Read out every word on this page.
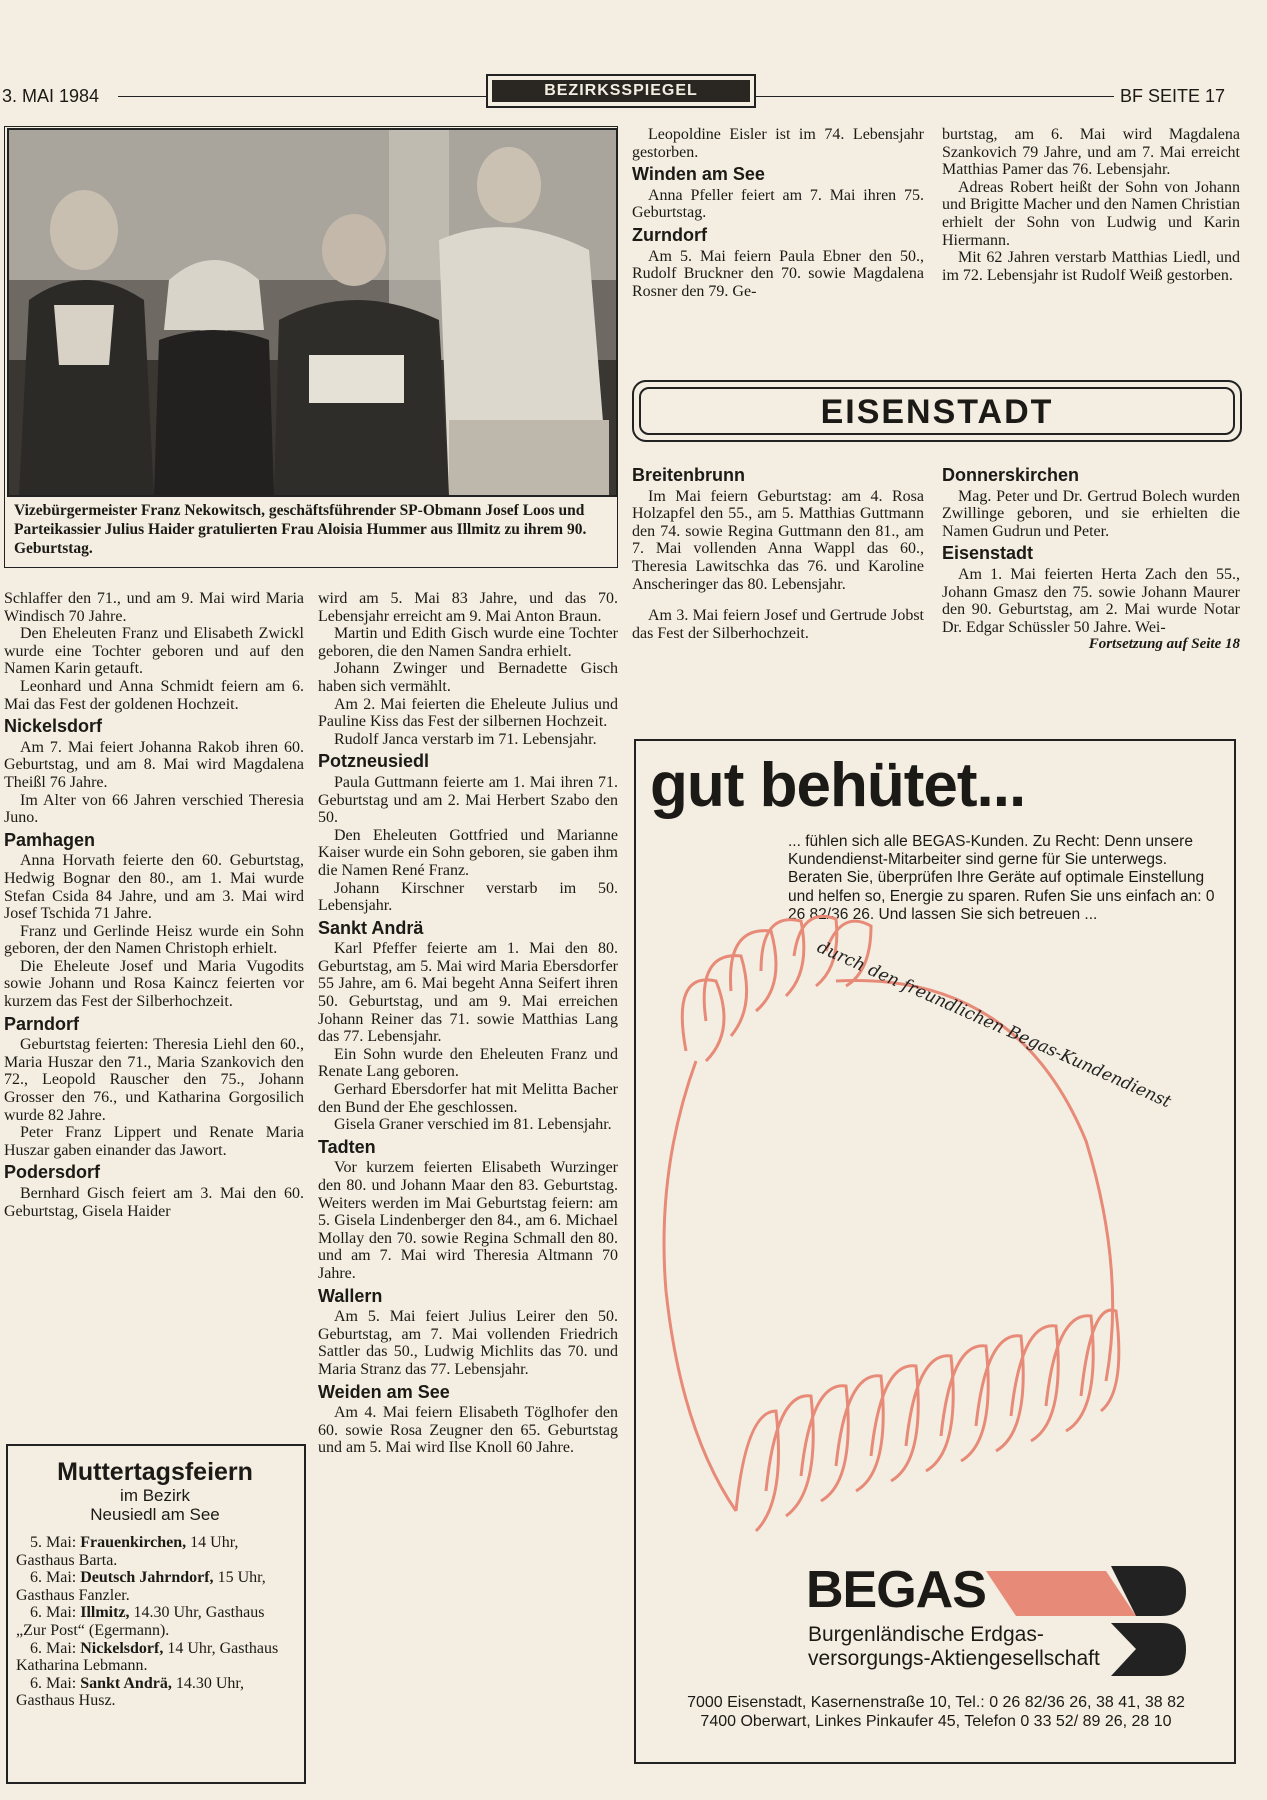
3. MAI 1984	BEZIRKSSPIEGEL	BF SEITE 17
Vizebürgermeister Franz Nekowitsch, geschäftsführender SP-Obmann Josef Loos und Parteikassier Julius Haider gratulierten Frau Aloisia Hummer aus Illmitz zu ihrem 90. Geburtstag.

Schlaffer den 71., und am 9. Mai wird Maria Windisch 70 Jahre.

Den Eheleuten Franz und Elisabeth Zwickl wurde eine Tochter geboren und auf den Namen Karin getauft.

Leonhard und Anna Schmidt feiern am 6. Mai das Fest der goldenen Hochzeit.

Nickelsdorf

Am 7. Mai feiert Johanna Rakob ihren 60. Geburtstag, und am 8. Mai wird Magdalena Theißl 76 Jahre.

Im Alter von 66 Jahren verschied Theresia Juno.

Pamhagen

Anna Horvath feierte den 60. Geburtstag, Hedwig Bognar den 80., am 1. Mai wurde Stefan Csida 84 Jahre, und am 3. Mai wird Josef Tschida 71 Jahre.

Franz und Gerlinde Heisz wurde ein Sohn geboren, der den Namen Christoph erhielt.

Die Eheleute Josef und Maria Vugodits sowie Johann und Rosa Kaincz feierten vor kurzem das Fest der Silberhochzeit.

Parndorf

Geburtstag feierten: Theresia Liehl den 60., Maria Huszar den 71., Maria Szankovich den 72., Leopold Rauscher den 75., Johann Grosser den 76., und Katharina Gorgosilich wurde 82 Jahre.

Peter Franz Lippert und Renate Maria Huszar gaben einander das Jawort.

Podersdorf

Bernhard Gisch feiert am 3. Mai den 60. Geburtstag, Gisela Haider

Muttertagsfeiern
im Bezirk
Neusiedl am See
5. Mai: Frauenkirchen, 14 Uhr, Gasthaus Barta.
6. Mai: Deutsch Jahrndorf, 15 Uhr, Gasthaus Fanzler.
6. Mai: Illmitz, 14.30 Uhr, Gasthaus „Zur Post“ (Egermann).
6. Mai: Nickelsdorf, 14 Uhr, Gasthaus Katharina Lebmann.
6. Mai: Sankt Andrä, 14.30 Uhr, Gasthaus Husz.

wird am 5. Mai 83 Jahre, und das 70. Lebensjahr erreicht am 9. Mai Anton Braun.

Martin und Edith Gisch wurde eine Tochter geboren, die den Namen Sandra erhielt.

Johann Zwinger und Bernadette Gisch haben sich vermählt.

Am 2. Mai feierten die Eheleute Julius und Pauline Kiss das Fest der silbernen Hochzeit.

Rudolf Janca verstarb im 71. Lebensjahr.

Potzneusiedl

Paula Guttmann feierte am 1. Mai ihren 71. Geburtstag und am 2. Mai Herbert Szabo den 50.

Den Eheleuten Gottfried und Marianne Kaiser wurde ein Sohn geboren, sie gaben ihm die Namen René Franz.

Johann Kirschner verstarb im 50. Lebensjahr.

Sankt Andrä

Karl Pfeffer feierte am 1. Mai den 80. Geburtstag, am 5. Mai wird Maria Ebersdorfer 55 Jahre, am 6. Mai begeht Anna Seifert ihren 50. Geburtstag, und am 9. Mai erreichen Johann Reiner das 71. sowie Matthias Lang das 77. Lebensjahr.

Ein Sohn wurde den Eheleuten Franz und Renate Lang geboren.

Gerhard Ebersdorfer hat mit Melitta Bacher den Bund der Ehe geschlossen.

Gisela Graner verschied im 81. Lebensjahr.

Tadten

Vor kurzem feierten Elisabeth Wurzinger den 80. und Johann Maar den 83. Geburtstag. Weiters werden im Mai Geburtstag feiern: am 5. Gisela Lindenberger den 84., am 6. Michael Mollay den 70. sowie Regina Schmall den 80. und am 7. Mai wird Theresia Altmann 70 Jahre.

Wallern

Am 5. Mai feiert Julius Leirer den 50. Geburtstag, am 7. Mai vollenden Friedrich Sattler das 50., Ludwig Michlits das 70. und Maria Stranz das 77. Lebensjahr.

Weiden am See

Am 4. Mai feiern Elisabeth Töglhofer den 60. sowie Rosa Zeugner den 65. Geburtstag und am 5. Mai wird Ilse Knoll 60 Jahre.

Leopoldine Eisler ist im 74. Lebensjahr gestorben.

Winden am See

Anna Pfeller feiert am 7. Mai ihren 75. Geburtstag.

Zurndorf

Am 5. Mai feiern Paula Ebner den 50., Rudolf Bruckner den 70. sowie Magdalena Rosner den 79. Ge-

burtstag, am 6. Mai wird Magdalena Szankovich 79 Jahre, und am 7. Mai erreicht Matthias Pamer das 76. Lebensjahr.

Adreas Robert heißt der Sohn von Johann und Brigitte Macher und den Namen Christian erhielt der Sohn von Ludwig und Karin Hiermann.

Mit 62 Jahren verstarb Matthias Liedl, und im 72. Lebensjahr ist Rudolf Weiß gestorben.

EISENSTADT
Breitenbrunn

Im Mai feiern Geburtstag: am 4. Rosa Holzapfel den 55., am 5. Matthias Guttmann den 74. sowie Regina Guttmann den 81., am 7. Mai vollenden Anna Wappl das 60., Theresia Lawitschka das 76. und Karoline Anscheringer das 80. Lebensjahr.

Am 3. Mai feiern Josef und Gertrude Jobst das Fest der Silberhochzeit.

Donnerskirchen

Mag. Peter und Dr. Gertrud Bolech wurden Zwillinge geboren, und sie erhielten die Namen Gudrun und Peter.

Eisenstadt

Am 1. Mai feierten Herta Zach den 55., Johann Gmasz den 75. sowie Johann Maurer den 90. Geburtstag, am 2. Mai wurde Notar Dr. Edgar Schüssler 50 Jahre. Wei-

Fortsetzung auf Seite 18
gut behütet...
... fühlen sich alle BEGAS-Kunden. Zu Recht: Denn unsere Kundendienst-Mitarbeiter sind gerne für Sie unterwegs. Beraten Sie, überprüfen Ihre Geräte auf optimale Einstellung und helfen so, Energie zu sparen. Rufen Sie uns einfach an: 0 26 82/36 26. Und lassen Sie sich betreuen ...
durch den freundlichen Begas-Kundendienst
BEGAS
Burgenländische Erdgas-
versorgungs-Aktiengesellschaft
7000 Eisenstadt, Kasernenstraße 10, Tel.: 0 26 82/36 26, 38 41, 38 82
7400 Oberwart, Linkes Pinkaufer 45, Telefon 0 33 52/ 89 26, 28 10
